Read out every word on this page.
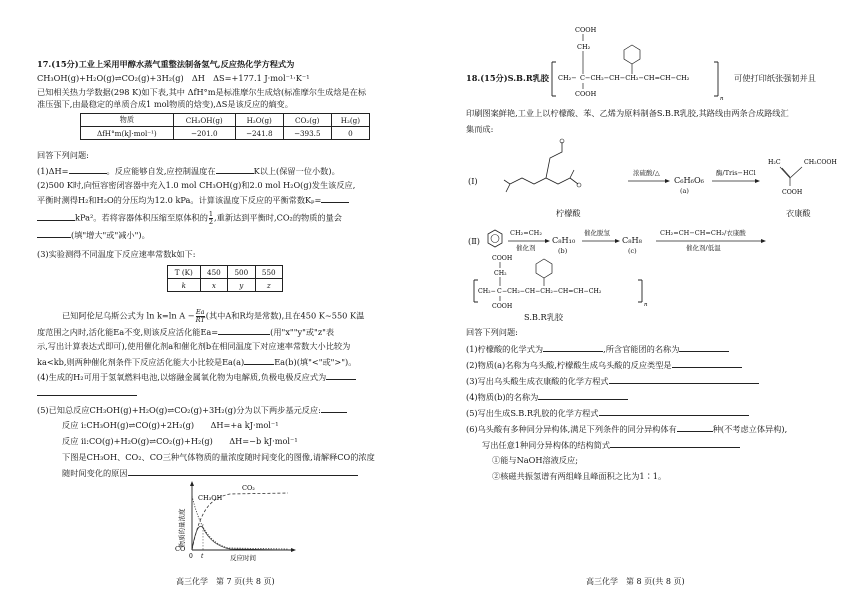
17.(15分)工业上采用甲醇水蒸气重整法制备氢气,反应热化学方程式为
CH₃OH(g)+H₂O(g)⇌CO₂(g)+3H₂(g)　ΔH　ΔS=+177.1 J·mol⁻¹·K⁻¹
已知相关热力学数据(298 K)如下表,其中 ΔfH°m是标准摩尔生成焓(标准摩尔生成焓是在标
准压强下,由最稳定的单质合成1 mol物质的焓变),ΔS是该反应的熵变。
物质	CH₃OH(g)	H₂O(g)	CO₂(g)	H₂(g)
ΔfH°m(kJ·mol⁻¹)	−201.0	−241.8	−393.5	0
回答下列问题:
(1)ΔH=	。反应能够自发,应控制温度在	K以上(保留一位小数)。
(2)500 K时,向恒容密闭容器中充入1.0 mol CH₃OH(g)和2.0 mol H₂O(g)发生该反应,
平衡时测得H₂和H₂O的分压均为12.0 kPa。计算该温度下反应的平衡常数Kₚ=
kPa²。若将容器体积压缩至原体积的 $\frac{1}{2}$ ,重新达到平衡时,CO₂的物质的量会
(填"增大"或"减小")。
(3)实验测得不同温度下反应速率常数k如下:
T (K)	450	500	550
k	x	y	z
已知阿伦尼乌斯公式为 ln k=ln $A - \frac{Ea}{RT}$ (其中A和R均是常数),且在450 K~550 K温
度范围之内时,活化能Ea不变,则该反应活化能Ea=	(用"x""y"或"z"表
示,写出计算表达式即可),使用催化剂a和催化剂b在相同温度下对应速率常数大小比较为
ka<kb,则两种催化剂条件下反应活化能大小比较是Ea(a)	Ea(b)(填"<"或">")。
(4)生成的H₂可用于氢氧燃料电池,以熔融金属氧化物为电解质,负极电极反应式为
(5)已知总反应CH₃OH(g)+H₂O(g)⇌CO₂(g)+3H₂(g)分为以下两步基元反应:
反应 i:CH₃OH(g)⇌CO(g)+2H₂(g)　　ΔH=+a kJ·mol⁻¹
反应 ii:CO(g)+H₂O(g)⇌CO₂(g)+H₂(g)　　ΔH=−b kJ·mol⁻¹
下图是CH₃OH、CO₂、CO三种气体物质的量浓度随时间变化的图像,请解释CO的浓度
随时间变化的原因
物质的量浓度
反应时间
CH₃OH
CO₂
CO
0 t
高三化学　第 7 页(共 8 页)
18.(15分)S.B.R乳胶
COOH
CH₂
CH₂− C −CH₂−CH−CH₂−CH=CH−CH₂
COOH
n
可使打印纸张强韧并且
印刷图案鲜艳,工业上以柠檬酸、苯、乙烯为原料制备S.B.R乳胶,其路线由两条合成路线汇
集而成:
(Ⅰ)
柠檬酸
浓硫酸/△
C₆H₆O₆
(a)
酶/Tris−HCl
H₂C	CH₂COOH
COOH
衣康酸
(Ⅱ)
CH₂=CH₂
催化剂
C₈H₁₀
(b)
催化脱氢
C₈H₈
(c)
CH₂=CH−CH=CH₂/衣康酸
催化剂/低温
COOH
CH₂
CH₂− C −CH₂−CH−CH₂−CH=CH−CH₂
COOH	n
S.B.R乳胶
回答下列问题:
(1)柠檬酸的化学式为	,所含官能团的名称为
(2)物质(a)名称为乌头酸,柠檬酸生成乌头酸的反应类型是
(3)写出乌头酸生成衣康酸的化学方程式
(4)物质(b)的名称为
(5)写出生成S.B.R乳胶的化学方程式
(6)乌头酸有多种同分异构体,满足下列条件的同分异构体有	种(不考虑立体异构),
写出任意1种同分异构体的结构简式
①能与NaOH溶液反应;
②核磁共振氢谱有两组峰且峰面积之比为1∶1。
高三化学　第 8 页(共 8 页)
